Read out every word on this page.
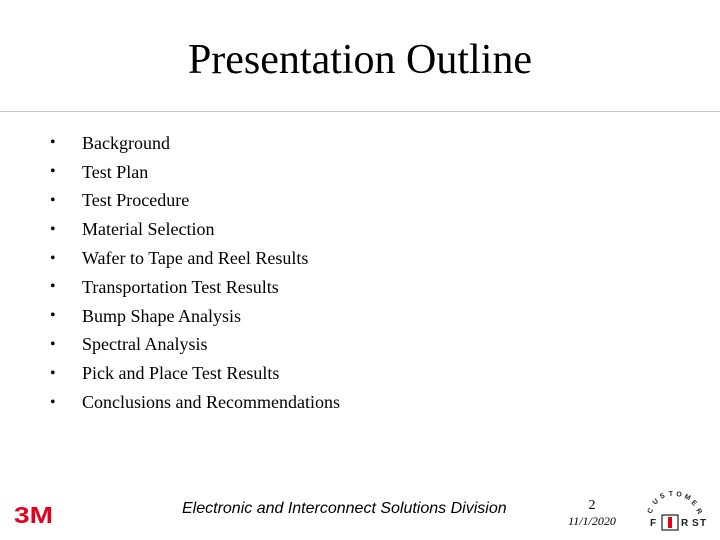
Presentation Outline
•	Background
•	Test Plan
•	Test Procedure
•	Material Selection
•	Wafer to Tape and Reel Results
•	Transportation Test Results
•	Bump Shape Analysis
•	Spectral Analysis
•	Pick and Place Test Results
•	Conclusions and Recommendations
3M	Electronic and Interconnect Solutions Division	2
11/1/2020
C
U
S T O M
E
R
F R S T
